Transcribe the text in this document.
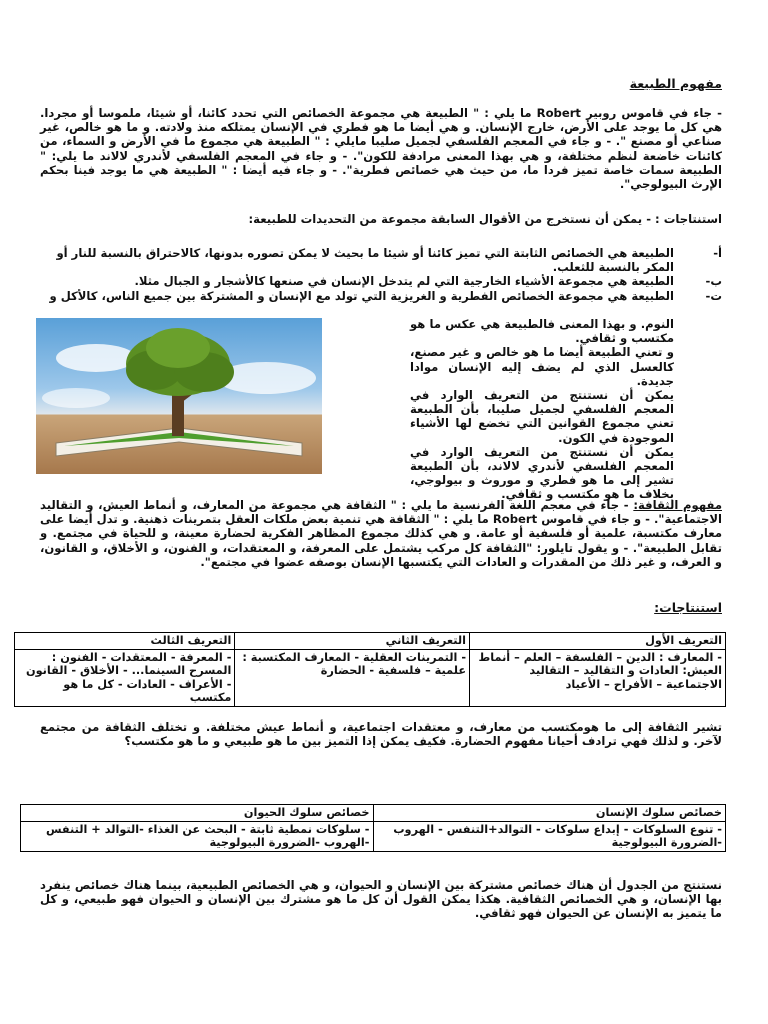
مفهوم الطبيعة

- جاء في قاموس روبير Robert ما يلي : " الطبيعة هي مجموعة الخصائص التي تحدد كائنا، أو شيئا، ملموسا أو مجردا. هي كل ما يوجد على الأرض، خارج الإنسان. و هي أيضا ما هو فطري في الإنسان يمتلكه منذ ولادته. و ما هو خالص، غير صناعي أو مصنع ". - و جاء في المعجم الفلسفي لجميل صليبا مايلي : " الطبيعة هي مجموع ما في الأرض و السماء، من كائنات خاضعة لنظم مختلفة، و هي بهذا المعنى مرادفة للكون". - و جاء في المعجم الفلسفي لأندري لالاند ما يلي: " الطبيعة سمات خاصة تميز فردا ما، من حيث هي خصائص فطرية". - و جاء فيه أيضا : " الطبيعة هي ما يوجد فينا بحكم الإرث البيولوجي".

استنتاجات : - يمكن أن نستخرج من الأقوال السابقة مجموعة من التحديدات للطبيعة:

أ-
الطبيعة هي الخصائص الثابتة التي تميز كائنا أو شيئا ما بحيث لا يمكن تصوره بدونها، كالاحتراق بالنسبة للنار أو المكر بالنسبة للثعلب.
ب-
الطبيعة هي مجموعة الأشياء الخارجية التي لم يتدخل الإنسان في صنعها كالأشجار و الجبال مثلا.
ت-
الطبيعة هي مجموعة الخصائص الفطرية و الغريزية التي تولد مع الإنسان و المشتركة بين جميع الناس، كالأكل و

النوم. و بهذا المعنى فالطبيعة هي عكس ما هو مكتسب و ثقافي.

و تعني الطبيعة أيضا ما هو خالص و غير مصنع، كالعسل الذي لم يضف إليه الإنسان موادا جديدة.

يمكن أن نستنتج من التعريف الوارد في المعجم الفلسفي لجميل صليبا، بأن الطبيعة تعني مجموع القوانين التي تخضع لها الأشياء الموجودة في الكون.

يمكن أن نستنتج من التعريف الوارد في المعجم الفلسفي لأندري لالاند، بأن الطبيعة تشير إلى ما هو فطري و موروث و بيولوجي، بخلاف ما هو مكتسب و ثقافي.

مفهوم الثقافة: - جاء في معجم اللغة الفرنسية ما يلي : " الثقافة هي مجموعة من المعارف، و أنماط العيش، و التقاليد الاجتماعية". - و جاء في قاموس Robert ما يلي : " الثقافة هي تنمية بعض ملكات العقل بتمرينات ذهنية. و تدل أيضا على معارف مكتسبة، علمية أو فلسفية أو عامة. و هي كذلك مجموع المظاهر الفكرية لحضارة معينة، و للحياة في مجتمع. و تقابل الطبيعة". - و يقول تايلور: "الثقافة كل مركب يشتمل على المعرفة، و المعتقدات، و الفنون، و الأخلاق، و القانون، و العرف، و غير ذلك من المقدرات و العادات التي يكتسبها الإنسان بوصفه عضوا في مجتمع".

استنتاجات:

التعريف الأول	التعريف الثاني	التعريف الثالث
- المعارف : الدين – الفلسفة – العلم – أنماط العيش: العادات و التقاليد – التقاليد الاجتماعية – الأفراح – الأعياد	- التمرينات العقلية - المعارف المكتسبة : علمية – فلسفية - الحضارة	- المعرفة - المعتقدات - الفنون : المسرح السينما... - الأخلاق - القانون - الأعراف - العادات - كل ما هو مكتسب

تشير الثقافة إلى ما هومكتسب من معارف، و معتقدات اجتماعية، و أنماط عيش مختلفة. و تختلف الثقافة من مجتمع لآخر. و لذلك فهي ترادف أحيانا مفهوم الحضارة. فكيف يمكن إذا التميز بين ما هو طبيعي و ما هو مكتسب؟

خصائص سلوك الإنسان	خصائص سلوك الحيوان
- تنوع السلوكات - إبداع سلوكات - التوالد+التنفس - الهروب -الضرورة البيولوجية	- سلوكات نمطية ثابتة - البحث عن الغذاء -التوالد + التنفس -الهروب -الضرورة البيولوجية

نستنتج من الجدول أن هناك خصائص مشتركة بين الإنسان و الحيوان، و هي الخصائص الطبيعية، بينما هناك خصائص ينفرد بها الإنسان، و هي الخصائص الثقافية. هكذا يمكن القول أن كل ما هو مشترك بين الإنسان و الحيوان فهو طبيعي، و كل ما يتميز به الإنسان عن الحيوان فهو ثقافي.
